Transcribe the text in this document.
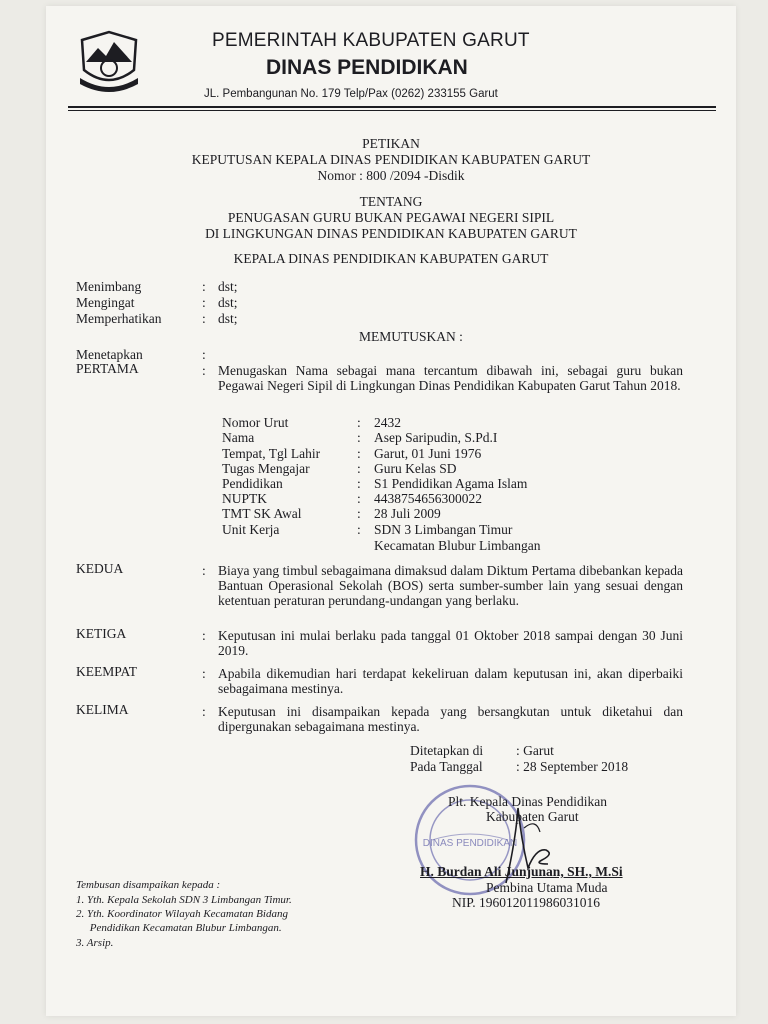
PEMERINTAH KABUPATEN GARUT
DINAS PENDIDIKAN
JL. Pembangunan No. 179 Telp/Pax (0262) 233155 Garut
PETIKAN
KEPUTUSAN KEPALA DINAS PENDIDIKAN KABUPATEN GARUT
Nomor : 800 /2094 -Disdik
TENTANG
PENUGASAN GURU BUKAN PEGAWAI NEGERI SIPIL
DI LINGKUNGAN DINAS PENDIDIKAN KABUPATEN GARUT
KEPALA DINAS PENDIDIKAN KABUPATEN GARUT
Menimbang	: dst;
Mengingat	: dst;
Memperhatikan	: dst;
MEMUTUSKAN :
Menetapkan	:
PERTAMA	: Menugaskan Nama sebagai mana tercantum dibawah ini, sebagai guru bukan Pegawai Negeri Sipil di Lingkungan Dinas Pendidikan Kabupaten Garut Tahun 2018.
Nomor Urut	: 2432
Nama	: Asep Saripudin, S.Pd.I
Tempat, Tgl Lahir	: Garut, 01 Juni 1976
Tugas Mengajar	: Guru Kelas SD
Pendidikan	: S1 Pendidikan Agama Islam
NUPTK	: 4438754656300022
TMT SK Awal	: 28 Juli 2009
Unit Kerja	: SDN 3 Limbangan Timur
Kecamatan Blubur Limbangan
KEDUA	: Biaya yang timbul sebagaimana dimaksud dalam Diktum Pertama dibebankan kepada Bantuan Operasional Sekolah (BOS) serta sumber-sumber lain yang sesuai dengan ketentuan peraturan perundang-undangan yang berlaku.
KETIGA	: Keputusan ini mulai berlaku pada tanggal 01 Oktober 2018 sampai dengan 30 Juni 2019.
KEEMPAT	: Apabila dikemudian hari terdapat kekeliruan dalam keputusan ini, akan diperbaiki sebagaimana mestinya.
KELIMA	: Keputusan ini disampaikan kepada yang bersangkutan untuk diketahui dan dipergunakan sebagaimana mestinya.
Ditetapkan di : Garut
Pada Tanggal : 28 September 2018
DINAS PENDIDIKAN
Plt. Kepala Dinas Pendidikan
Kabupaten Garut
H. Burdan Ali Junjunan, SH., M.Si
Pembina Utama Muda
NIP. 196012011986031016
Tembusan disampaikan kepada :
1. Yth. Kepala Sekolah SDN 3 Limbangan Timur.
2. Yth. Koordinator Wilayah Kecamatan Bidang
Pendidikan Kecamatan Blubur Limbangan.
3. Arsip.
